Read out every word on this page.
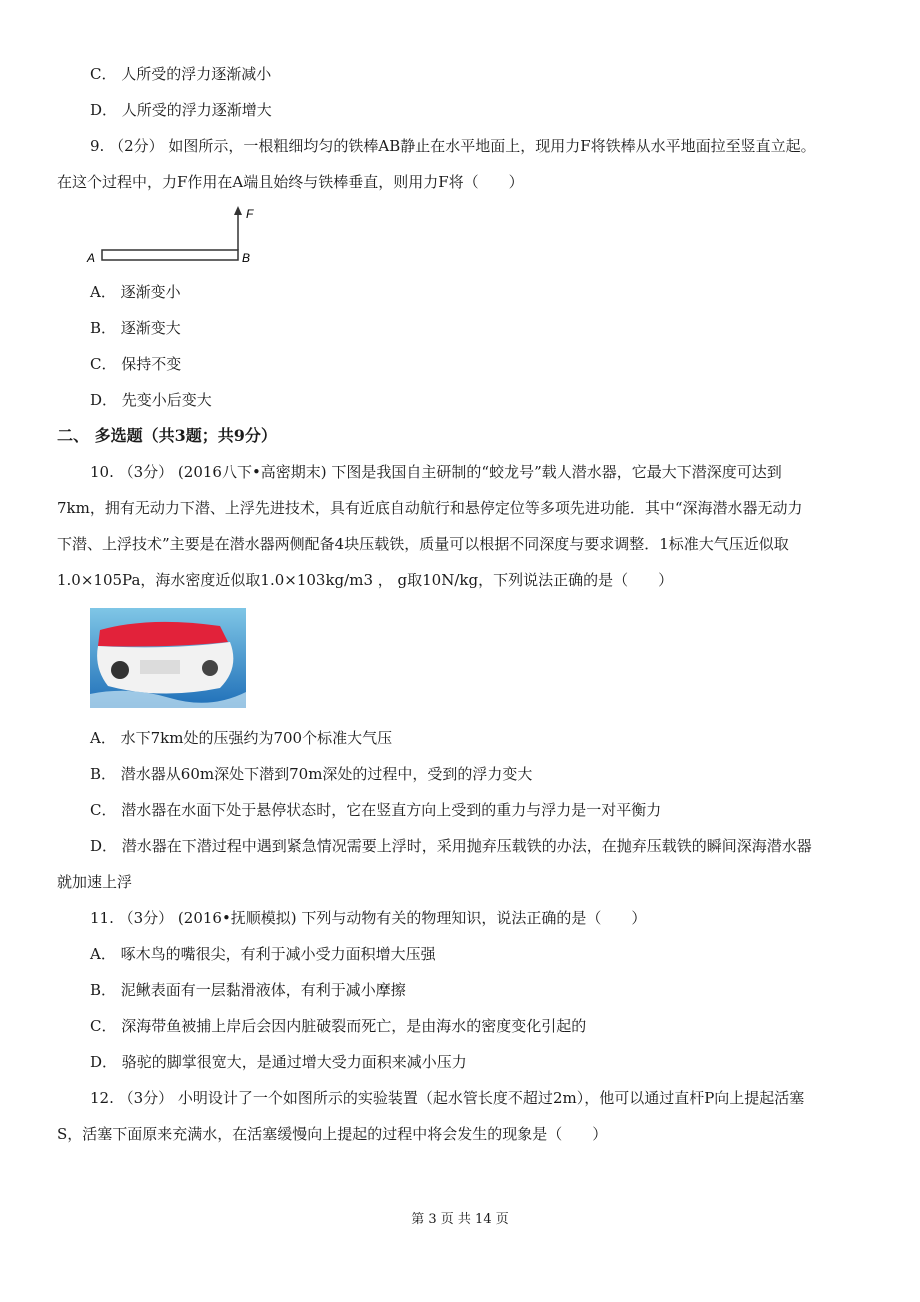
C． 人所受的浮力逐渐减小
D． 人所受的浮力逐渐增大
9. （2分） 如图所示，一根粗细均匀的铁棒AB静止在水平地面上，现用力F将铁棒从水平地面拉至竖直立起。
在这个过程中，力F作用在A端且始终与铁棒垂直，则用力F将（　　）
A	B
F
A． 逐渐变小
B． 逐渐变大
C． 保持不变
D． 先变小后变大
二、 多选题（共3题；共9分）
10. （3分） (2016八下•高密期末) 下图是我国自主研制的“蛟龙号”载人潜水器，它最大下潜深度可达到
7km，拥有无动力下潜、上浮先进技术，具有近底自动航行和悬停定位等多项先进功能．其中“深海潜水器无动力
下潜、上浮技术”主要是在潜水器两侧配备4块压载铁，质量可以根据不同深度与要求调整．1标准大气压近似取
1.0×105Pa，海水密度近似取1.0×103kg/m3 ， g取10N/kg，下列说法正确的是（　　）
A． 水下7km处的压强约为700个标准大气压
B． 潜水器从60m深处下潜到70m深处的过程中，受到的浮力变大
C． 潜水器在水面下处于悬停状态时，它在竖直方向上受到的重力与浮力是一对平衡力
D． 潜水器在下潜过程中遇到紧急情况需要上浮时，采用抛弃压载铁的办法，在抛弃压载铁的瞬间深海潜水器
就加速上浮
11. （3分） (2016•抚顺模拟) 下列与动物有关的物理知识，说法正确的是（　　）
A． 啄木鸟的嘴很尖，有利于减小受力面积增大压强
B． 泥鳅表面有一层黏滑液体，有利于减小摩擦
C． 深海带鱼被捕上岸后会因内脏破裂而死亡，是由海水的密度变化引起的
D． 骆驼的脚掌很宽大，是通过增大受力面积来减小压力
12. （3分） 小明设计了一个如图所示的实验装置（起水管长度不超过2m），他可以通过直杆P向上提起活塞
S，活塞下面原来充满水，在活塞缓慢向上提起的过程中将会发生的现象是（　　）
第 3 页 共 14 页
